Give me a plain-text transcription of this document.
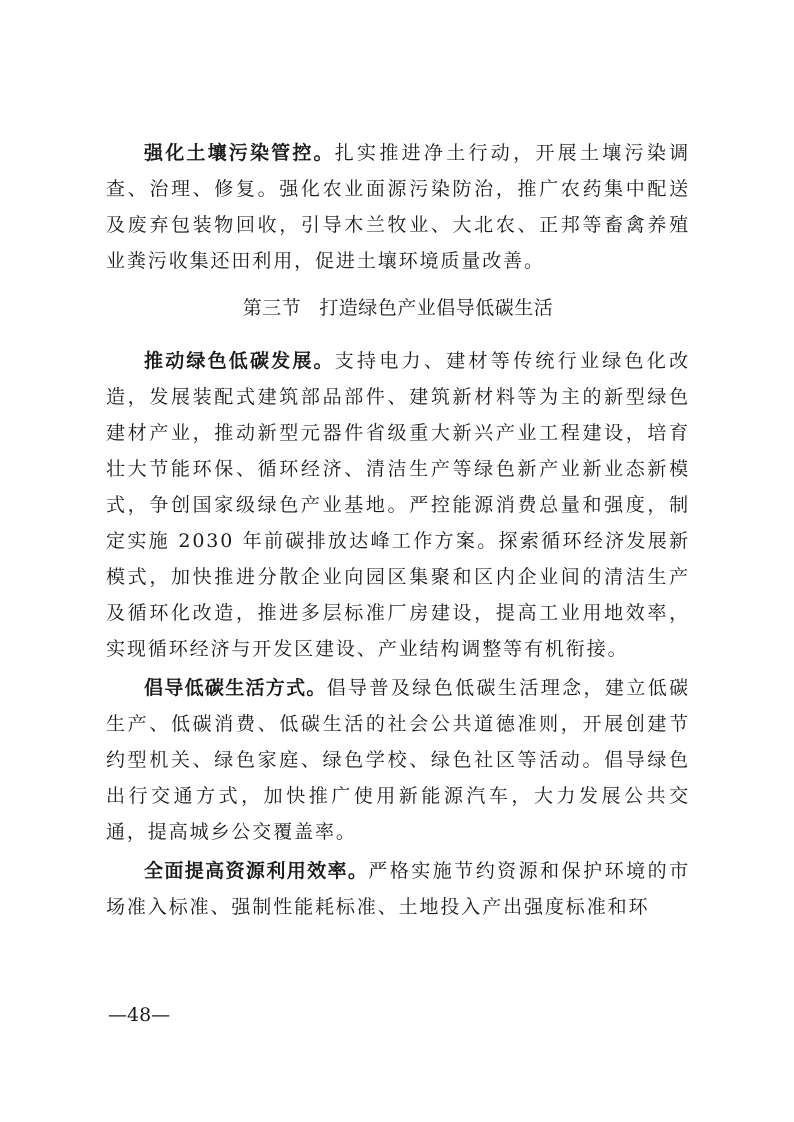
强化土壤污染管控。扎实推进净土行动，开展土壤污染调查、治理、修复。强化农业面源污染防治，推广农药集中配送及废弃包装物回收，引导木兰牧业、大北农、正邦等畜禽养殖业粪污收集还田利用，促进土壤环境质量改善。

第三节 打造绿色产业倡导低碳生活

推动绿色低碳发展。支持电力、建材等传统行业绿色化改造，发展装配式建筑部品部件、建筑新材料等为主的新型绿色建材产业，推动新型元器件省级重大新兴产业工程建设，培育壮大节能环保、循环经济、清洁生产等绿色新产业新业态新模式，争创国家级绿色产业基地。严控能源消费总量和强度，制定实施 2030 年前碳排放达峰工作方案。探索循环经济发展新模式，加快推进分散企业向园区集聚和区内企业间的清洁生产及循环化改造，推进多层标准厂房建设，提高工业用地效率，实现循环经济与开发区建设、产业结构调整等有机衔接。

倡导低碳生活方式。倡导普及绿色低碳生活理念，建立低碳生产、低碳消费、低碳生活的社会公共道德准则，开展创建节约型机关、绿色家庭、绿色学校、绿色社区等活动。倡导绿色出行交通方式，加快推广使用新能源汽车，大力发展公共交通，提高城乡公交覆盖率。

全面提高资源利用效率。严格实施节约资源和保护环境的市场准入标准、强制性能耗标准、土地投入产出强度标准和环

—48—
